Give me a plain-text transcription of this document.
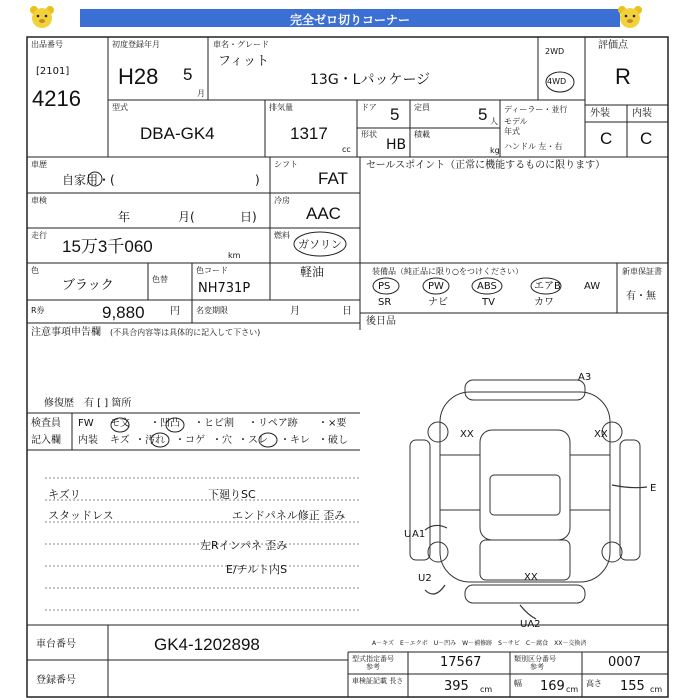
完全ゼロ切りコーナー
出品番号
[2101]
4216
初度登録年月
H28 5
月
車名・グレード
フィット
13G・Lパッケージ
2WD
4WD
評価点
R
外装 内装
C C
型式
DBA-GK4
排気量
1317
cc
ドア 5 定員	5 人
形状
HB
積載
kg
ディーラー・並行
モデル
年式
ハンドル 左・右
車歴
自家用・(	)
シフト
FAT
車検
年	月(	日)
冷房
AAC
走行
15万3千060	km
燃料
ガソリン
軽油
色
ブラック	色替
色コード
NH731P
R券	9,880	円 名変期限	月	日
セールスポイント（正常に機能するものに限ります）
注意事項申告欄 (不具合内容等は具体的に記入して下さい)
修復歴　有 [ ] 箇所
装備品（純正品に限り○をつけください）
PS	PW	ABS	エアB AW
SR	ナビ	TV	カワ
新車保証書
有・無
後日品
検査員
記入欄
FW モ文 ・凹凸 ・ヒビ割 ・リペア跡 ・×要
内装 キズ ・汚れ ・コゲ ・穴 ・スレ ・キレ ・破し
キズリ
スタッドレス
下廻りSC
エンドパネル修正 歪み
左Rインパネ 歪み
E/チルト内S
A3
XX	XX
E
U A1
U2	XX
UA2
A－キズ　E－エクボ　U－凹み　W－補修跡　S－サビ　C－腐食　XX－交換済
車台番号	GK4-1202898
登録番号
型式指定番号
参考	17567	類別区分番号
参考	0007
車検証記載 長さ	395 cm
幅 169 cm
高さ 155 cm
